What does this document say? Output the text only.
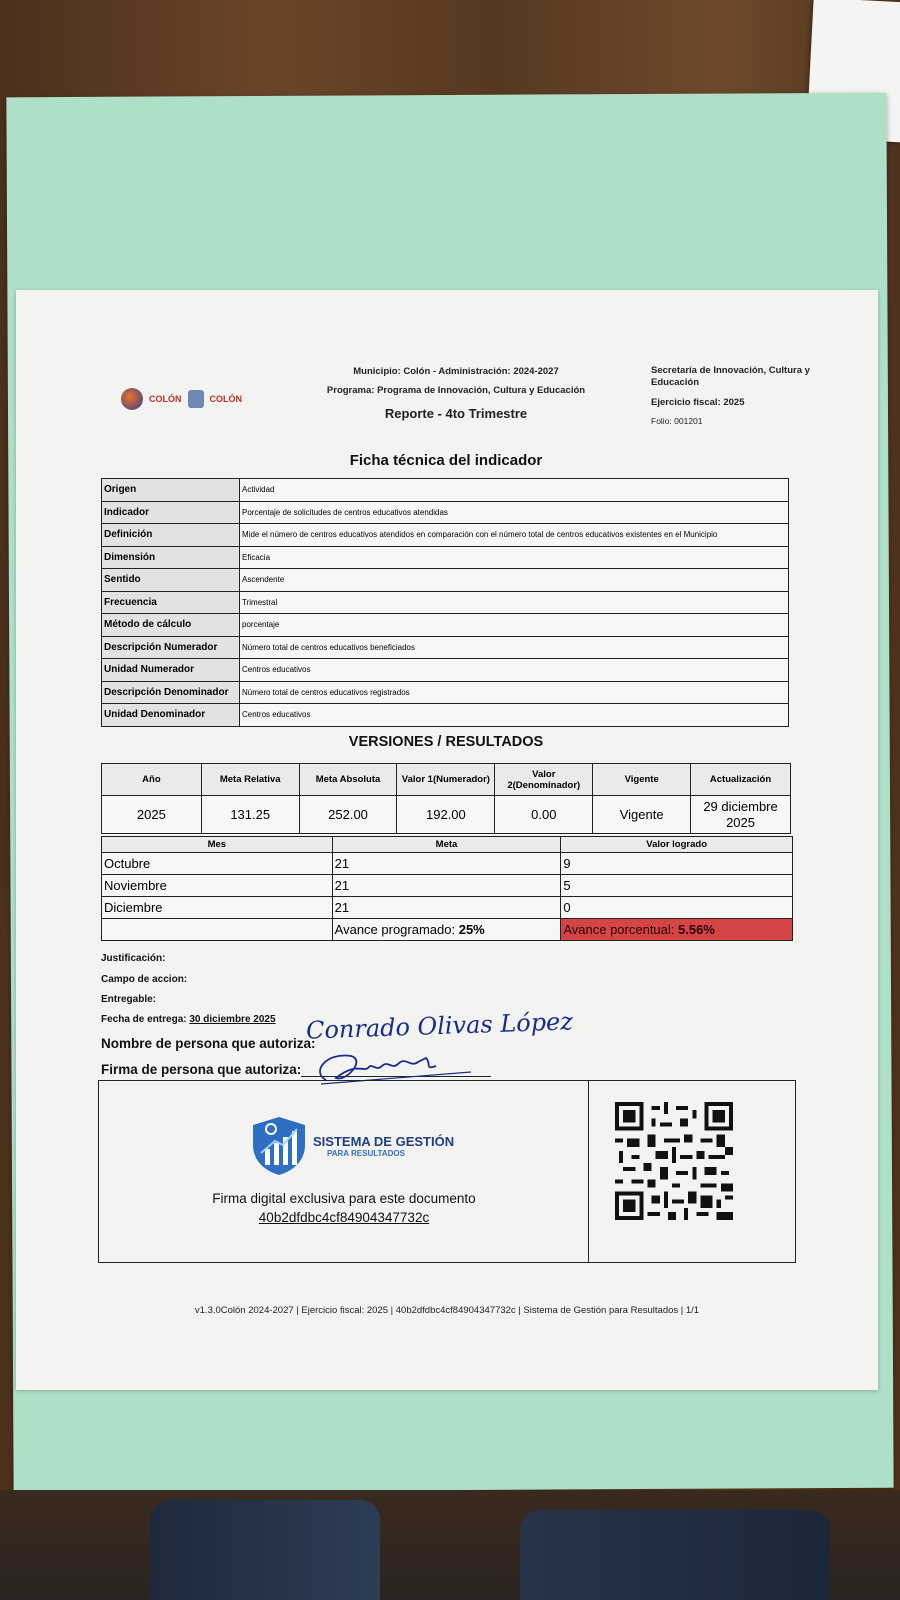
COLÓN	COLÓN
Municipio: Colón - Administración: 2024-2027
Programa: Programa de Innovación, Cultura y Educación
Reporte - 4to Trimestre
Secretaría de Innovación, Cultura y Educación
Ejercicio fiscal: 2025
Folio: 001201
Ficha técnica del indicador
Origen	Actividad
Indicador	Porcentaje de solicitudes de centros educativos atendidas
Definición	Mide el número de centros educativos atendidos en comparación con el número total de centros educativos existentes en el Municipio
Dimensión	Eficacia
Sentido	Ascendente
Frecuencia	Trimestral
Método de cálculo	porcentaje
Descripción Numerador	Número total de centros educativos beneficiados
Unidad Numerador	Centros educativos
Descripción Denominador	Número total de centros educativos registrados
Unidad Denominador	Centros educativos
VERSIONES / RESULTADOS
Año	Meta Relativa	Meta Absoluta	Valor 1(Numerador)	Valor 2(Denominador)	Vigente	Actualización
2025	131.25	252.00	192.00	0.00	Vigente	29 diciembre 2025
Mes	Meta	Valor logrado
Octubre	21	9
Noviembre	21	5
Diciembre	21	0
	Avance programado: 25%	Avance porcentual: 5.56%
Justificación:
Campo de accion:
Entregable:
Fecha de entrega: 30 diciembre 2025
Nombre de persona que autoriza:
Conrado Olivas López
Firma de persona que autoriza:
SISTEMA DE GESTIÓN
PARA RESULTADOS
Firma digital exclusiva para este documento
40b2dfdbc4cf84904347732c
v1.3.0Colón 2024-2027 | Ejercicio fiscal: 2025 | 40b2dfdbc4cf84904347732c | Sistema de Gestión para Resultados | 1/1
